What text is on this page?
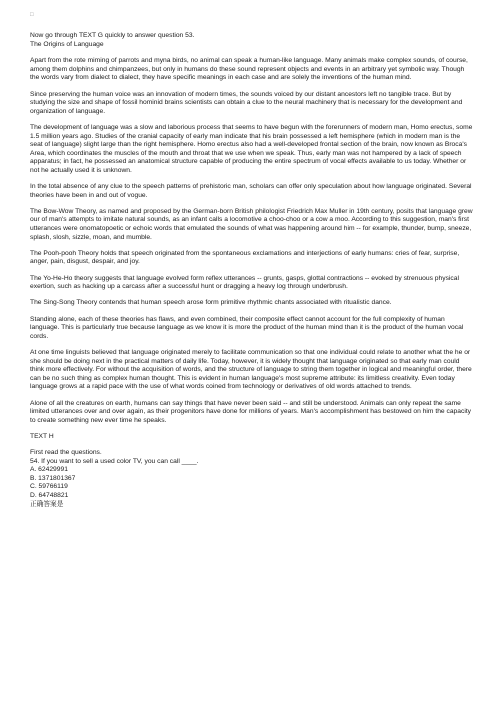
□
Now go through TEXT G quickly to answer question 53.
The Origins of Language

Apart from the rote miming of parrots and myna birds, no animal can speak a human-like language. Many animals make complex sounds, of course, among them dolphins and chimpanzees, but only in humans do these sound represent objects and events in an arbitrary yet symbolic way. Though the words vary from dialect to dialect, they have specific meanings in each case and are solely the inventions of the human mind.

Since preserving the human voice was an innovation of modern times, the sounds voiced by our distant ancestors left no tangible trace. But by studying the size and shape of fossil hominid brains scientists can obtain a clue to the neural machinery that is necessary for the development and organization of language.

The development of language was a slow and laborious process that seems to have begun with the forerunners of modern man, Homo erectus, some 1.5 million years ago. Studies of the cranial capacity of early man indicate that his brain possessed a left hemisphere (which in modern man is the seat of language) slight large than the right hemisphere. Homo erectus also had a well-developed frontal section of the brain, now known as Broca's Area, which coordinates the muscles of the mouth and throat that we use when we speak. Thus, early man was not hampered by a lack of speech apparatus; in fact, he possessed an anatomical structure capable of producing the entire spectrum of vocal effects available to us today. Whether or not he actually used it is unknown.

In the total absence of any clue to the speech patterns of prehistoric man, scholars can offer only speculation about how language originated. Several theories have been in and out of vogue.

The Bow-Wow Theory, as named and proposed by the German-born British philologist Friedrich Max Muller in 19th century, posits that language grew our of man's attempts to imitate natural sounds, as an infant calls a locomotive a choo-choo or a cow a moo. According to this suggestion, man's first utterances were onomatopoetic or echoic words that emulated the sounds of what was happening around him -- for example, thunder, bump, sneeze, splash, slosh, sizzle, moan, and mumble.

The Pooh-pooh Theory holds that speech originated from the spontaneous exclamations and interjections of early humans: cries of fear, surprise, anger, pain, disgust, despair, and joy.

The Yo-He-Ho theory suggests that language evolved form reflex utterances -- grunts, gasps, glottal contractions -- evoked by strenuous physical exertion, such as hacking up a carcass after a successful hunt or dragging a heavy log through underbrush.

The Sing-Song Theory contends that human speech arose form primitive rhythmic chants associated with ritualistic dance.

Standing alone, each of these theories has flaws, and even combined, their composite effect cannot account for the full complexity of human language. This is particularly true because language as we know it is more the product of the human mind than it is the product of the human vocal cords.

At one time linguists believed that language originated merely to facilitate communication so that one individual could relate to another what the he or she should be doing next in the practical matters of daily life. Today, however, it is widely thought that language originated so that early man could think more effectively. For without the acquisition of words, and the structure of language to string them together in logical and meaningful order, there can be no such thing as complex human thought. This is evident in human language's most supreme attribute: its limitless creativity. Even today language grows at a rapid pace with the use of what words coined from technology or derivatives of old words attached to trends.

Alone of all the creatures on earth, humans can say things that have never been said -- and still be understood. Animals can only repeat the same limited utterances over and over again, as their progenitors have done for millions of years. Man's accomplishment has bestowed on him the capacity to create something new ever time he speaks.

TEXT H

First read the questions.
54. If you want to sell a used color TV, you can call ____.
A. 62429991
B. 1371801367
C. 59766119
D. 64748821
正确答案是
